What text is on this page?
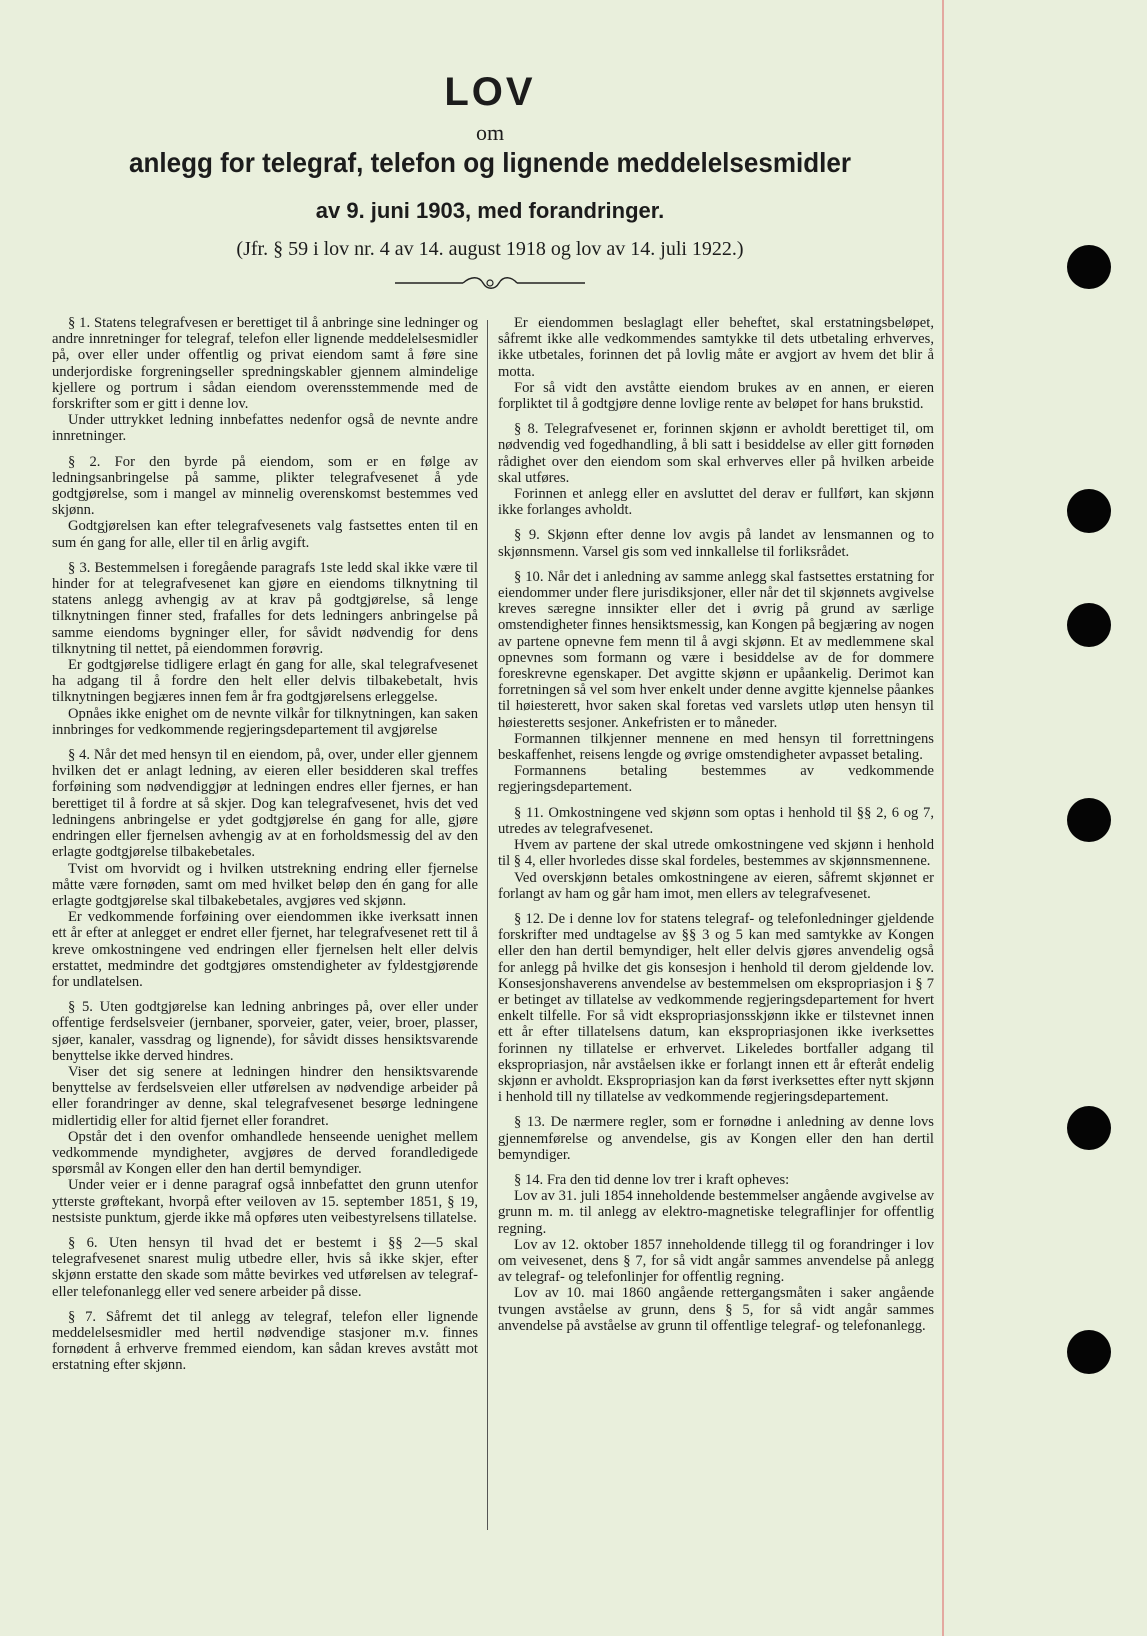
LOV
om
anlegg for telegraf, telefon og lignende meddelelsesmidler
av 9. juni 1903, med forandringer.
(Jfr. § 59 i lov nr. 4 av 14. august 1918 og lov av 14. juli 1922.)

§ 1. Statens telegrafvesen er berettiget til å anbringe sine ledninger og andre innretninger for telegraf, telefon eller lignende meddelelsesmidler på, over eller under offentlig og privat eiendom samt å føre sine underjordiske forgreningseller spredningskabler gjennem almindelige kjellere og portrum i sådan eiendom overensstemmende med de forskrifter som er gitt i denne lov.

Under uttrykket ledning innbefattes nedenfor også de nevnte andre innretninger.

§ 2. For den byrde på eiendom, som er en følge av ledningsanbringelse på samme, plikter telegrafvesenet å yde godtgjørelse, som i mangel av minnelig overenskomst bestemmes ved skjønn.

Godtgjørelsen kan efter telegrafvesenets valg fastsettes enten til en sum én gang for alle, eller til en årlig avgift.

§ 3. Bestemmelsen i foregående paragrafs 1ste ledd skal ikke være til hinder for at telegrafvesenet kan gjøre en eiendoms tilknytning til statens anlegg avhengig av at krav på godtgjørelse, så lenge tilknytningen finner sted, frafalles for dets ledningers anbringelse på samme eiendoms bygninger eller, for såvidt nødvendig for dens tilknytning til nettet, på eiendommen forøvrig.

Er godtgjørelse tidligere erlagt én gang for alle, skal telegrafvesenet ha adgang til å fordre den helt eller delvis tilbakebetalt, hvis tilknytningen begjæres innen fem år fra godtgjørelsens erleggelse.

Opnåes ikke enighet om de nevnte vilkår for tilknytningen, kan saken innbringes for vedkommende regjeringsdepartement til avgjørelse

§ 4. Når det med hensyn til en eiendom, på, over, under eller gjennem hvilken det er anlagt ledning, av eieren eller besidderen skal treffes forføining som nødvendiggjør at ledningen endres eller fjernes, er han berettiget til å fordre at så skjer. Dog kan telegrafvesenet, hvis det ved ledningens anbringelse er ydet godtgjørelse én gang for alle, gjøre endringen eller fjernelsen avhengig av at en forholdsmessig del av den erlagte godtgjørelse tilbakebetales.

Tvist om hvorvidt og i hvilken utstrekning endring eller fjernelse måtte være fornøden, samt om med hvilket beløp den én gang for alle erlagte godtgjørelse skal tilbakebetales, avgjøres ved skjønn.

Er vedkommende forføining over eiendommen ikke iverksatt innen ett år efter at anlegget er endret eller fjernet, har telegrafvesenet rett til å kreve omkostningene ved endringen eller fjernelsen helt eller delvis erstattet, medmindre det godtgjøres omstendigheter av fyldestgjørende for undlatelsen.

§ 5. Uten godtgjørelse kan ledning anbringes på, over eller under offentige ferdselsveier (jernbaner, sporveier, gater, veier, broer, plasser, sjøer, kanaler, vassdrag og lignende), for såvidt disses hensiktsvarende benyttelse ikke derved hindres.

Viser det sig senere at ledningen hindrer den hensiktsvarende benyttelse av ferdselsveien eller utførelsen av nødvendige arbeider på eller forandringer av denne, skal telegrafvesenet besørge ledningene midlertidig eller for altid fjernet eller forandret.

Opstår det i den ovenfor omhandlede henseende uenighet mellem vedkommende myndigheter, avgjøres de derved forandledigede spørsmål av Kongen eller den han dertil bemyndiger.

Under veier er i denne paragraf også innbefattet den grunn utenfor ytterste grøftekant, hvorpå efter veiloven av 15. september 1851, § 19, nestsiste punktum, gjerde ikke må opføres uten veibestyrelsens tillatelse.

§ 6. Uten hensyn til hvad det er bestemt i §§ 2—5 skal telegrafvesenet snarest mulig utbedre eller, hvis så ikke skjer, efter skjønn erstatte den skade som måtte bevirkes ved utførelsen av telegraf- eller telefonanlegg eller ved senere arbeider på disse.

§ 7. Såfremt det til anlegg av telegraf, telefon eller lignende meddelelsesmidler med hertil nødvendige stasjoner m.v. finnes fornødent å erhverve fremmed eiendom, kan sådan kreves avstått mot erstatning efter skjønn.

Er eiendommen beslaglagt eller beheftet, skal erstatningsbeløpet, såfremt ikke alle vedkommendes samtykke til dets utbetaling erhverves, ikke utbetales, forinnen det på lovlig måte er avgjort av hvem det blir å motta.

For så vidt den avståtte eiendom brukes av en annen, er eieren forpliktet til å godtgjøre denne lovlige rente av beløpet for hans brukstid.

§ 8. Telegrafvesenet er, forinnen skjønn er avholdt berettiget til, om nødvendig ved fogedhandling, å bli satt i besiddelse av eller gitt fornøden rådighet over den eiendom som skal erhverves eller på hvilken arbeide skal utføres.

Forinnen et anlegg eller en avsluttet del derav er fullført, kan skjønn ikke forlanges avholdt.

§ 9. Skjønn efter denne lov avgis på landet av lensmannen og to skjønnsmenn. Varsel gis som ved innkallelse til forliksrådet.

§ 10. Når det i anledning av samme anlegg skal fastsettes erstatning for eiendommer under flere jurisdiksjoner, eller når det til skjønnets avgivelse kreves særegne innsikter eller det i øvrig på grund av særlige omstendigheter finnes hensiktsmessig, kan Kongen på begjæring av nogen av partene opnevne fem menn til å avgi skjønn. Et av medlemmene skal opnevnes som formann og være i besiddelse av de for dommere foreskrevne egenskaper. Det avgitte skjønn er upåankelig. Derimot kan forretningen så vel som hver enkelt under denne avgitte kjennelse påankes til høiesterett, hvor saken skal foretas ved varslets utløp uten hensyn til høiesteretts sesjoner. Ankefristen er to måneder.

Formannen tilkjenner mennene en med hensyn til forrettningens beskaffenhet, reisens lengde og øvrige omstendigheter avpasset betaling.

Formannens betaling bestemmes av vedkommende regjeringsdepartement.

§ 11. Omkostningene ved skjønn som optas i henhold til §§ 2, 6 og 7, utredes av telegrafvesenet.

Hvem av partene der skal utrede omkostningene ved skjønn i henhold til § 4, eller hvorledes disse skal fordeles, bestemmes av skjønnsmennene.

Ved overskjønn betales omkostningene av eieren, såfremt skjønnet er forlangt av ham og går ham imot, men ellers av telegrafvesenet.

§ 12. De i denne lov for statens telegraf- og telefonledninger gjeldende forskrifter med undtagelse av §§ 3 og 5 kan med samtykke av Kongen eller den han dertil bemyndiger, helt eller delvis gjøres anvendelig også for anlegg på hvilke det gis konsesjon i henhold til derom gjeldende lov. Konsesjonshaverens anvendelse av bestemmelsen om ekspropriasjon i § 7 er betinget av tillatelse av vedkommende regjeringsdepartement for hvert enkelt tilfelle. For så vidt ekspropriasjonsskjønn ikke er tilstevnet innen ett år efter tillatelsens datum, kan ekspropriasjonen ikke iverksettes forinnen ny tillatelse er erhvervet. Likeledes bortfaller adgang til ekspropriasjon, når avståelsen ikke er forlangt innen ett år efteråt endelig skjønn er avholdt. Ekspropriasjon kan da først iverksettes efter nytt skjønn i henhold till ny tillatelse av vedkommende regjeringsdepartement.

§ 13. De nærmere regler, som er fornødne i anledning av denne lovs gjennemførelse og anvendelse, gis av Kongen eller den han dertil bemyndiger.

§ 14. Fra den tid denne lov trer i kraft opheves:

Lov av 31. juli 1854 inneholdende bestemmelser angående avgivelse av grunn m. m. til anlegg av elektro-magnetiske telegraflinjer for offentlig regning.

Lov av 12. oktober 1857 inneholdende tillegg til og forandringer i lov om veivesenet, dens § 7, for så vidt angår sammes anvendelse på anlegg av telegraf- og telefonlinjer for offentlig regning.

Lov av 10. mai 1860 angående rettergangsmåten i saker angående tvungen avståelse av grunn, dens § 5, for så vidt angår sammes anvendelse på avståelse av grunn til offentlige telegraf- og telefonanlegg.
